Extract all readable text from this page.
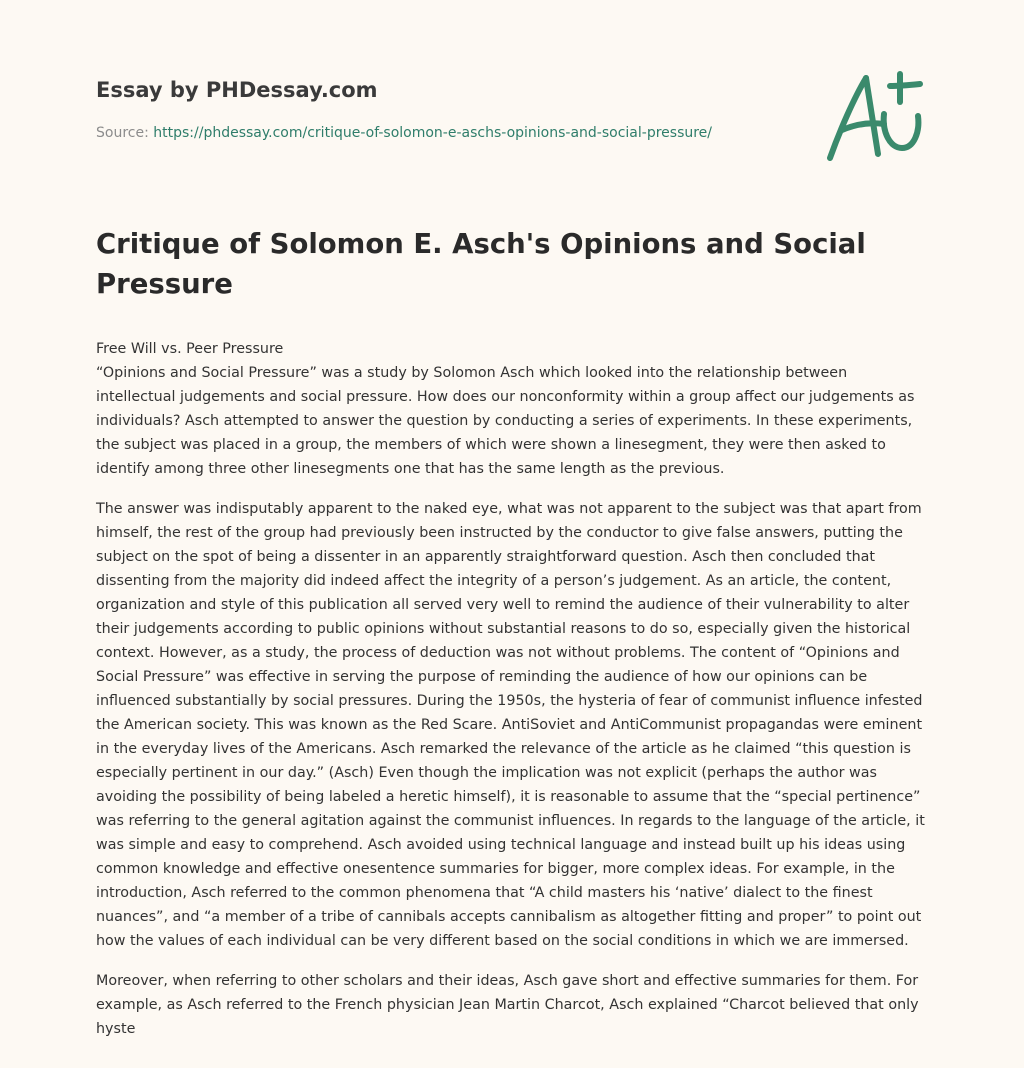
Essay by PHDessay.com
Source: https://phdessay.com/critique-of-solomon-e-aschs-opinions-and-social-pressure/
Critique of Solomon E. Asch's Opinions and Social Pressure

Free Will vs. Peer Pressure
“Opinions and Social Pressure” was a study by Solomon Asch which looked into the relationship between intellectual judgements and social pressure. How does our nonconformity within a group affect our judgements as individuals? Asch attempted to answer the question by conducting a series of experiments. In these experiments, the subject was placed in a group, the members of which were shown a linesegment, they were then asked to identify among three other linesegments one that has the same length as the previous.

The answer was indisputably apparent to the naked eye, what was not apparent to the subject was that apart from himself, the rest of the group had previously been instructed by the conductor to give false answers, putting the subject on the spot of being a dissenter in an apparently straightforward question. Asch then concluded that dissenting from the majority did indeed affect the integrity of a person’s judgement. As an article, the content, organization and style of this publication all served very well to remind the audience of their vulnerability to alter their judgements according to public opinions without substantial reasons to do so, especially given the historical context. However, as a study, the process of deduction was not without problems. The content of “Opinions and Social Pressure” was effective in serving the purpose of reminding the audience of how our opinions can be influenced substantially by social pressures. During the 1950s, the hysteria of fear of communist influence infested the American society. This was known as the Red Scare. AntiSoviet and AntiCommunist propagandas were eminent in the everyday lives of the Americans. Asch remarked the relevance of the article as he claimed “this question is especially pertinent in our day.” (Asch) Even though the implication was not explicit (perhaps the author was avoiding the possibility of being labeled a heretic himself), it is reasonable to assume that the “special pertinence” was referring to the general agitation against the communist influences. In regards to the language of the article, it was simple and easy to comprehend. Asch avoided using technical language and instead built up his ideas using common knowledge and effective onesentence summaries for bigger, more complex ideas. For example, in the introduction, Asch referred to the common phenomena that “A child masters his ‘native’ dialect to the finest nuances”, and “a member of a tribe of cannibals accepts cannibalism as altogether fitting and proper” to point out how the values of each individual can be very different based on the social conditions in which we are immersed.

Moreover, when referring to other scholars and their ideas, Asch gave short and effective summaries for them. For example, as Asch referred to the French physician Jean Martin Charcot, Asch explained “Charcot believed that only hyste
